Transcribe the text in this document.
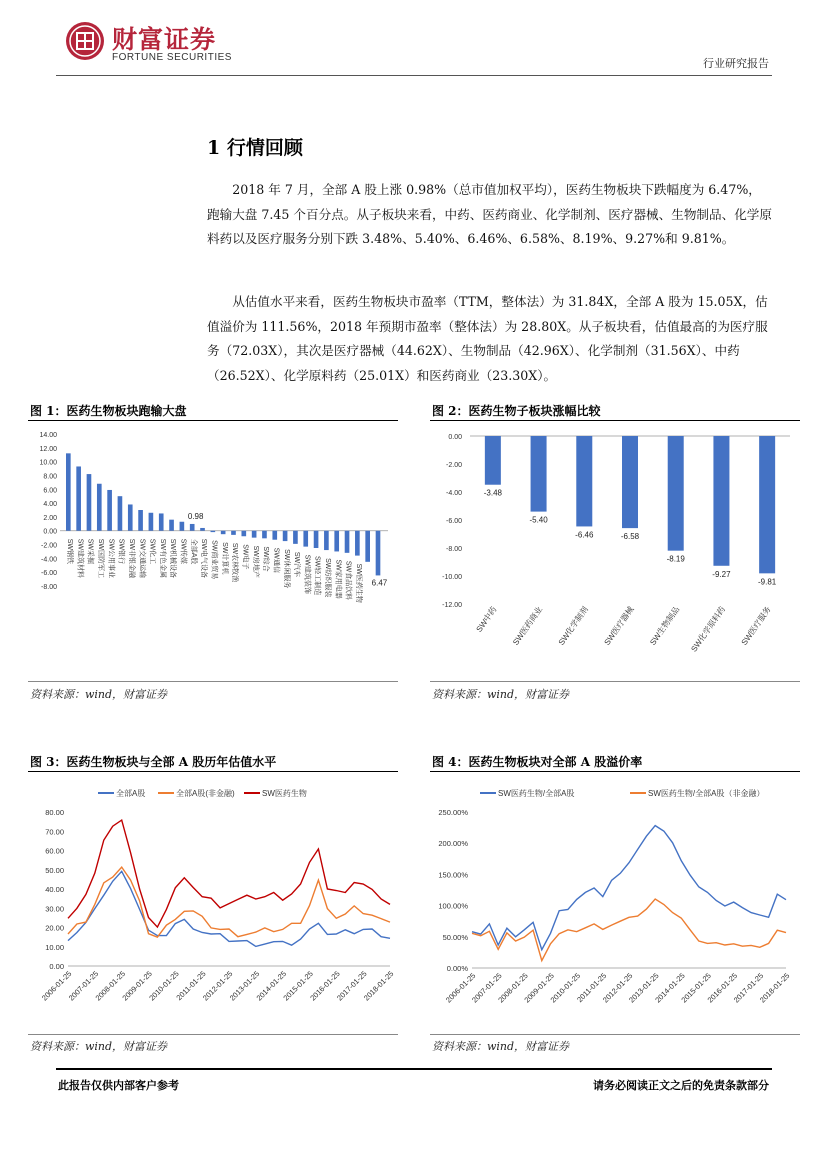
财富证券
FORTUNE SECURITIES	行业研究报告
1 行情回顾
2018 年 7 月，全部 A 股上涨 0.98%（总市值加权平均），医药生物板块下跌幅度为 6.47%，跑输大盘 7.45 个百分点。从子板块来看，中药、医药商业、化学制剂、医疗器械、生物制品、化学原料药以及医疗服务分别下跌 3.48%、5.40%、6.46%、6.58%、8.19%、9.27%和 9.81%。
从估值水平来看，医药生物板块市盈率（TTM，整体法）为 31.84X，全部 A 股为 15.05X，估值溢价为 111.56%，2018 年预期市盈率（整体法）为 28.80X。从子板块看，估值最高的为医疗服务（72.03X），其次是医疗器械（44.62X）、生物制品（42.96X）、化学制剂（31.56X）、中药（26.52X）、化学原料药（25.01X）和医药商业（23.30X）。
图 1：医药生物板块跑输大盘
14.00
12.00
10.00
8.00
6.00
4.00
2.00
0.00
-2.00
-4.00
-6.00
-8.00
SW钢铁 SW建筑材料 SW采掘 SW国防军工 SW公用事业 SW银行 SW非银金融 SW交通运输 SW化工 SW有色金属 SW机械设备 SW传媒 全部A股
0.98
SW电气设备 SW商业贸易 SW计算机 SW农林牧渔 SW电子 SW房地产 SW综合 SW通信 SW休闲服务 SW汽车 SW建筑装饰 SW轻工制造 SW纺织服装 SW家用电器 SW食品饮料 SW医药生物 6.47
资料来源：wind，财富证券
图 2：医药生物子板块涨幅比较
0.00
-2.00
-4.00
-6.00
-8.00
-10.00
-12.00
-3.48
SW中药
-5.40
SW医药商业
-6.46
SW化学制剂
-6.58
SW医疗器械
-8.19
SW生物制品
-9.27
SW化学原料药
-9.81
SW医疗服务
资料来源：wind，财富证券
图 3：医药生物板块与全部 A 股历年估值水平
全部A股	全部A股(非金融)	SW医药生物
80.00
70.00
60.00
50.00
40.00
30.00
20.00
10.00
0.00
2006-01-25
2007-01-25
2008-01-25
2009-01-25
2010-01-25
2011-01-25
2012-01-25
2013-01-25
2014-01-25
2015-01-25
2016-01-25
2017-01-25
2018-01-25
资料来源：wind，财富证券
图 4：医药生物板块对全部 A 股溢价率
SW医药生物/全部A股	SW医药生物/全部A股（非金融）
250.00%
200.00%
150.00%
100.00%
50.00%
0.00%
2006-01-25
2007-01-25
2008-01-25
2009-01-25
2010-01-25
2011-01-25
2012-01-25
2013-01-25
2014-01-25
2015-01-25
2016-01-25
2017-01-25
2018-01-25
资料来源：wind，财富证券
此报告仅供内部客户参考	请务必阅读正文之后的免责条款部分
